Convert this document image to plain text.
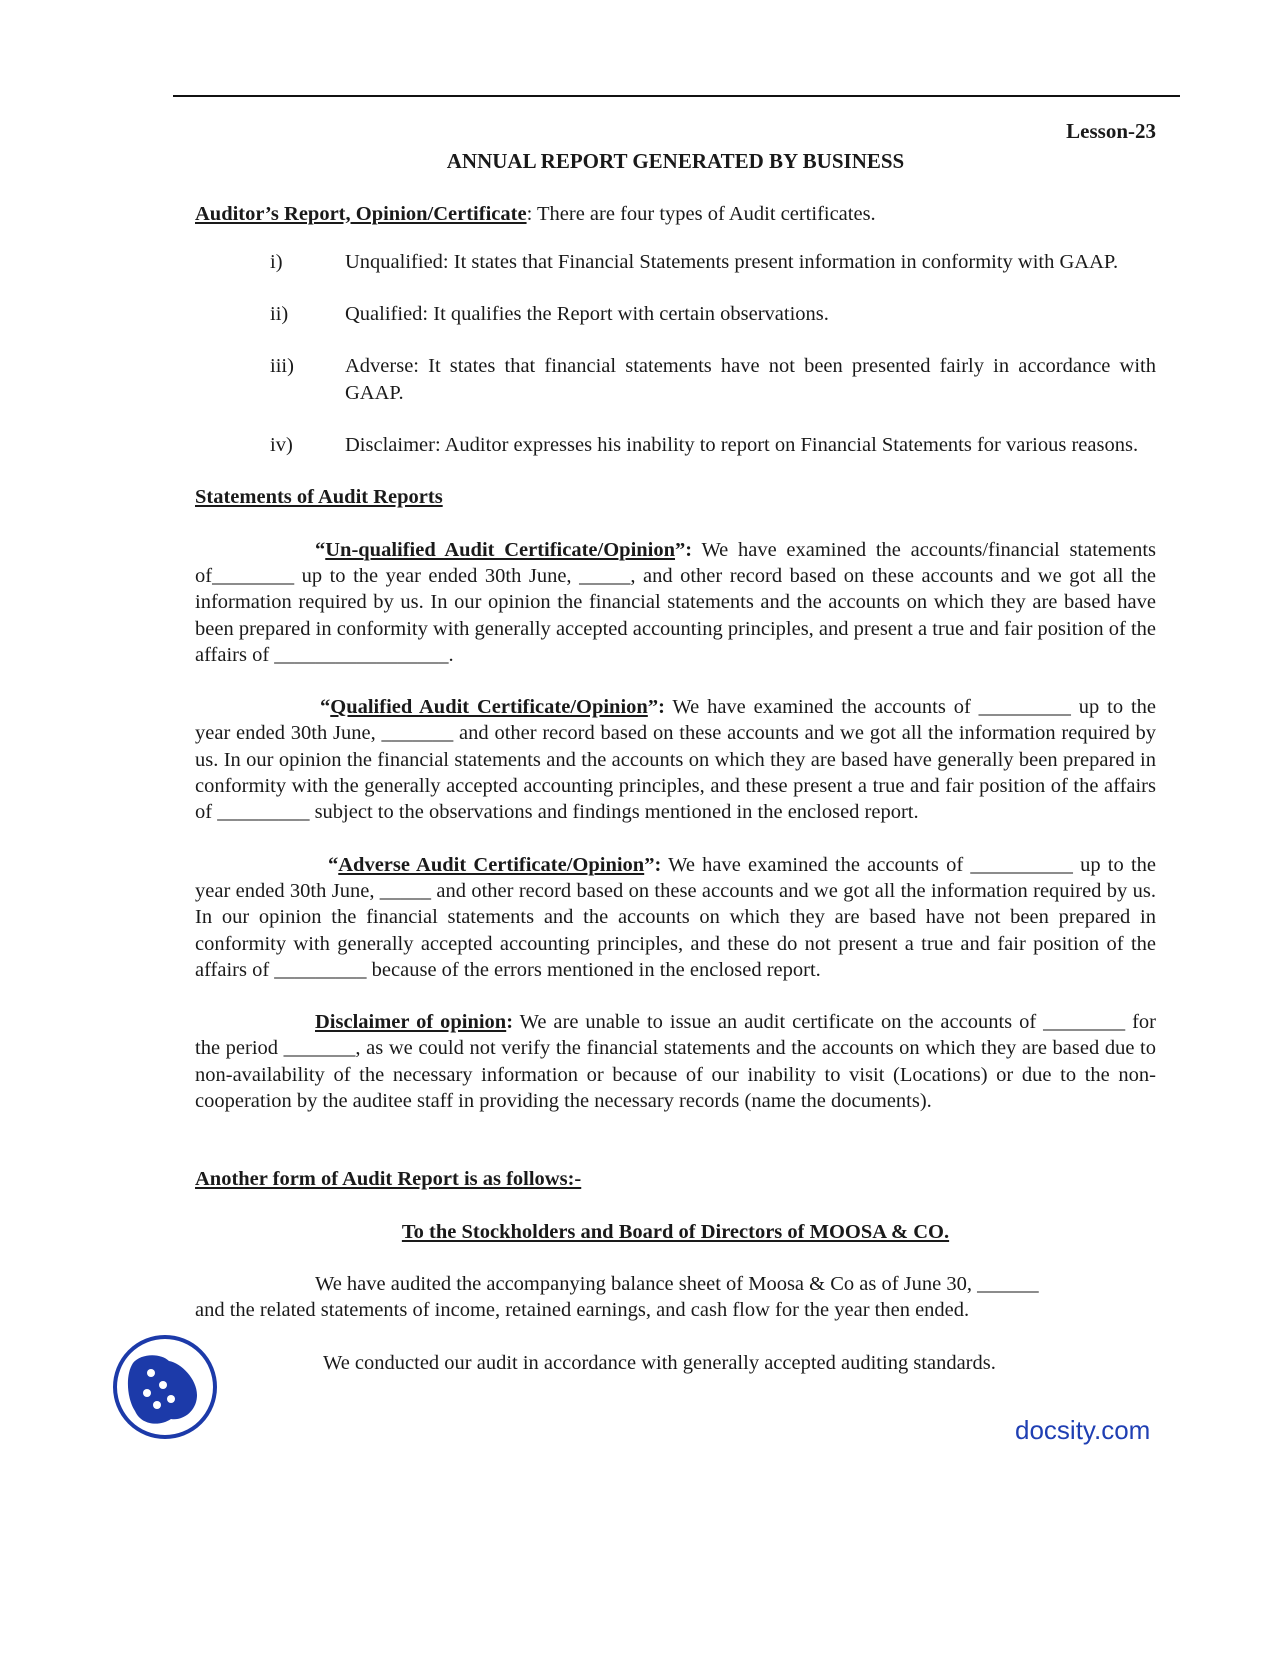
Lesson-23
ANNUAL REPORT GENERATED BY BUSINESS

Auditor’s Report, Opinion/Certificate: There are four types of Audit certificates.

i)	Unqualified: It states that Financial Statements present information in conformity with GAAP.
ii)	Qualified: It qualifies the Report with certain observations.
iii)	Adverse: It states that financial statements have not been presented fairly in accordance with GAAP.
iv)	Disclaimer: Auditor expresses his inability to report on Financial Statements for various reasons.

Statements of Audit Reports

“Un-qualified Audit Certificate/Opinion”: We have examined the accounts/financial statements of________ up to the year ended 30th June, _____, and other record based on these accounts and we got all the information required by us. In our opinion the financial statements and the accounts on which they are based have been prepared in conformity with generally accepted accounting principles, and present a true and fair position of the affairs of _________________.

“Qualified Audit Certificate/Opinion”: We have examined the accounts of _________ up to the year ended 30th June, _______ and other record based on these accounts and we got all the information required by us. In our opinion the financial statements and the accounts on which they are based have generally been prepared in conformity with the generally accepted accounting principles, and these present a true and fair position of the affairs of _________ subject to the observations and findings mentioned in the enclosed report.

“Adverse Audit Certificate/Opinion”: We have examined the accounts of __________ up to the year ended 30th June, _____ and other record based on these accounts and we got all the information required by us. In our opinion the financial statements and the accounts on which they are based have not been prepared in conformity with generally accepted accounting principles, and these do not present a true and fair position of the affairs of _________ because of the errors mentioned in the enclosed report.

Disclaimer of opinion: We are unable to issue an audit certificate on the accounts of ________ for the period _______, as we could not verify the financial statements and the accounts on which they are based due to non-availability of the necessary information or because of our inability to visit (Locations) or due to the non-cooperation by the auditee staff in providing the necessary records (name the documents).

Another form of Audit Report is as follows:-

To the Stockholders and Board of Directors of MOOSA & CO.

We have audited the accompanying balance sheet of Moosa & Co as of June 30, ______
and the related statements of income, retained earnings, and cash flow for the year then ended.

We conducted our audit in accordance with generally accepted auditing standards.

docsity.com
